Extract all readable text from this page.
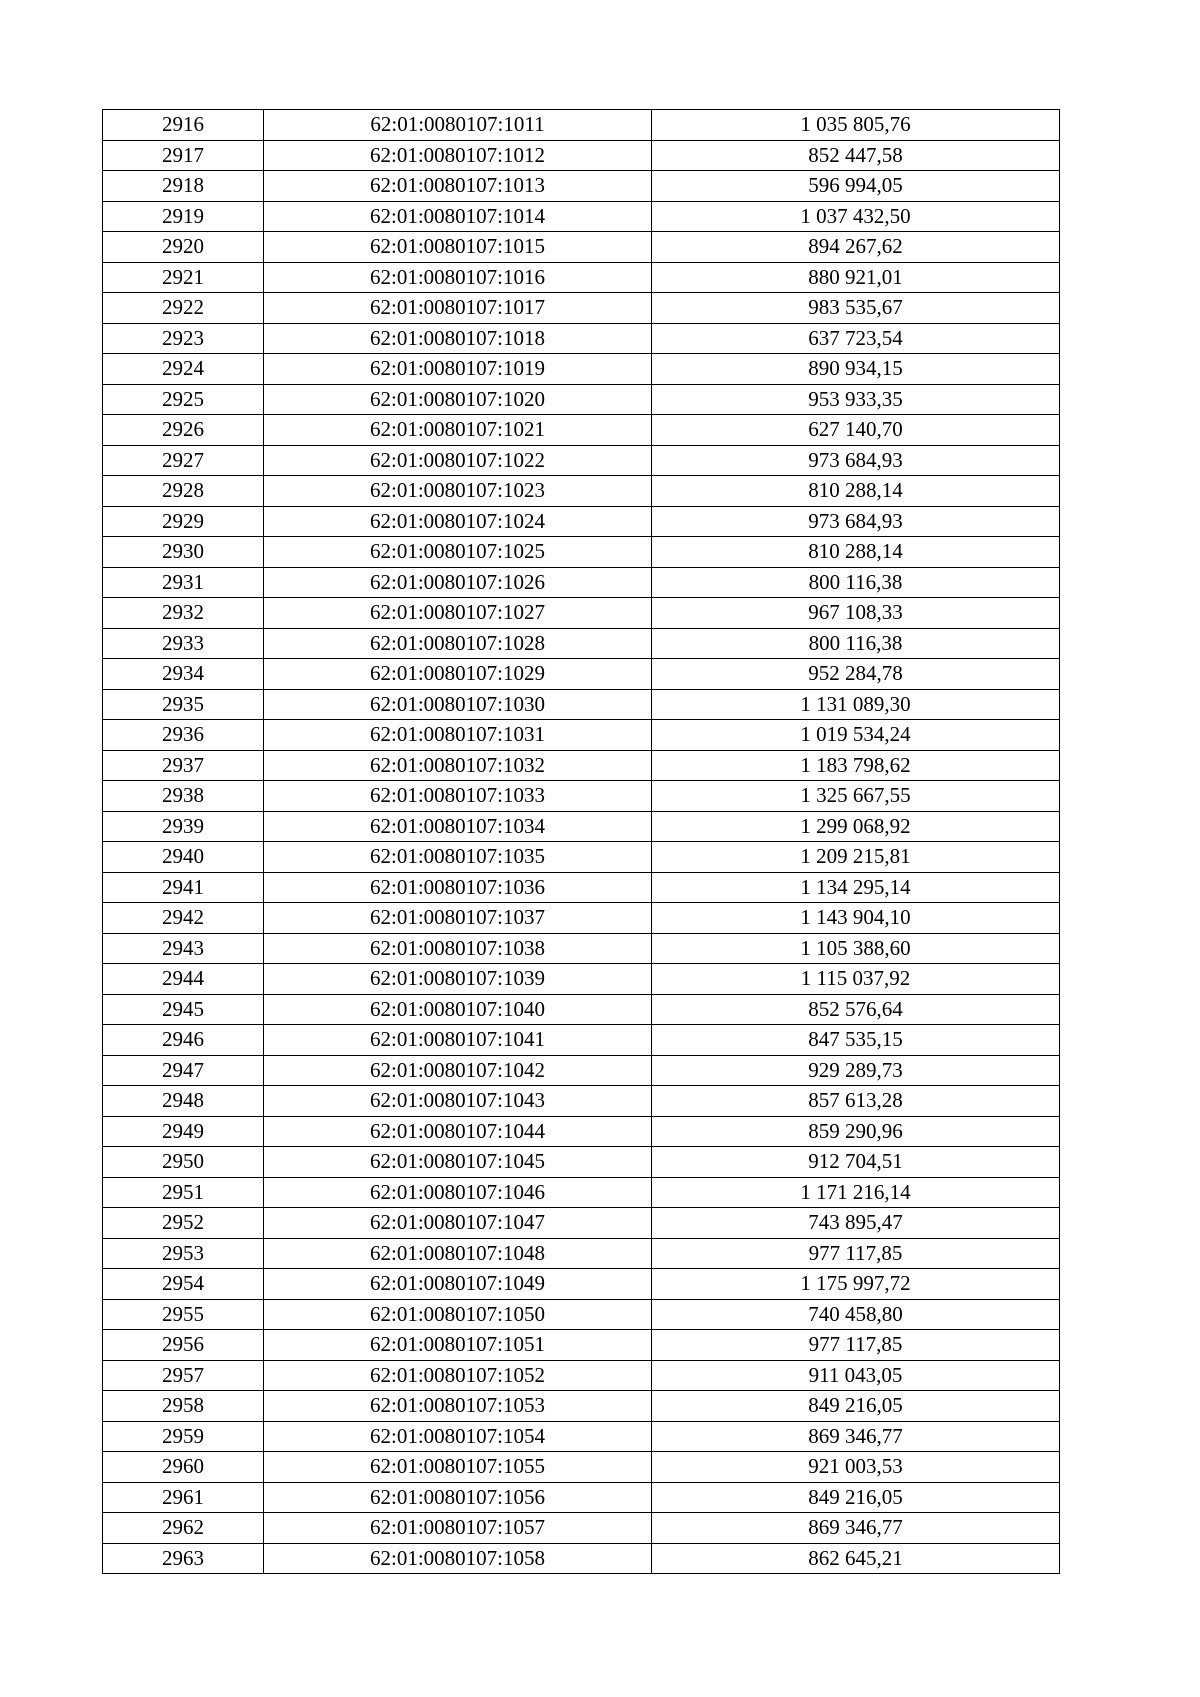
2916	62:01:0080107:1011	1 035 805,76
2917	62:01:0080107:1012	852 447,58
2918	62:01:0080107:1013	596 994,05
2919	62:01:0080107:1014	1 037 432,50
2920	62:01:0080107:1015	894 267,62
2921	62:01:0080107:1016	880 921,01
2922	62:01:0080107:1017	983 535,67
2923	62:01:0080107:1018	637 723,54
2924	62:01:0080107:1019	890 934,15
2925	62:01:0080107:1020	953 933,35
2926	62:01:0080107:1021	627 140,70
2927	62:01:0080107:1022	973 684,93
2928	62:01:0080107:1023	810 288,14
2929	62:01:0080107:1024	973 684,93
2930	62:01:0080107:1025	810 288,14
2931	62:01:0080107:1026	800 116,38
2932	62:01:0080107:1027	967 108,33
2933	62:01:0080107:1028	800 116,38
2934	62:01:0080107:1029	952 284,78
2935	62:01:0080107:1030	1 131 089,30
2936	62:01:0080107:1031	1 019 534,24
2937	62:01:0080107:1032	1 183 798,62
2938	62:01:0080107:1033	1 325 667,55
2939	62:01:0080107:1034	1 299 068,92
2940	62:01:0080107:1035	1 209 215,81
2941	62:01:0080107:1036	1 134 295,14
2942	62:01:0080107:1037	1 143 904,10
2943	62:01:0080107:1038	1 105 388,60
2944	62:01:0080107:1039	1 115 037,92
2945	62:01:0080107:1040	852 576,64
2946	62:01:0080107:1041	847 535,15
2947	62:01:0080107:1042	929 289,73
2948	62:01:0080107:1043	857 613,28
2949	62:01:0080107:1044	859 290,96
2950	62:01:0080107:1045	912 704,51
2951	62:01:0080107:1046	1 171 216,14
2952	62:01:0080107:1047	743 895,47
2953	62:01:0080107:1048	977 117,85
2954	62:01:0080107:1049	1 175 997,72
2955	62:01:0080107:1050	740 458,80
2956	62:01:0080107:1051	977 117,85
2957	62:01:0080107:1052	911 043,05
2958	62:01:0080107:1053	849 216,05
2959	62:01:0080107:1054	869 346,77
2960	62:01:0080107:1055	921 003,53
2961	62:01:0080107:1056	849 216,05
2962	62:01:0080107:1057	869 346,77
2963	62:01:0080107:1058	862 645,21
